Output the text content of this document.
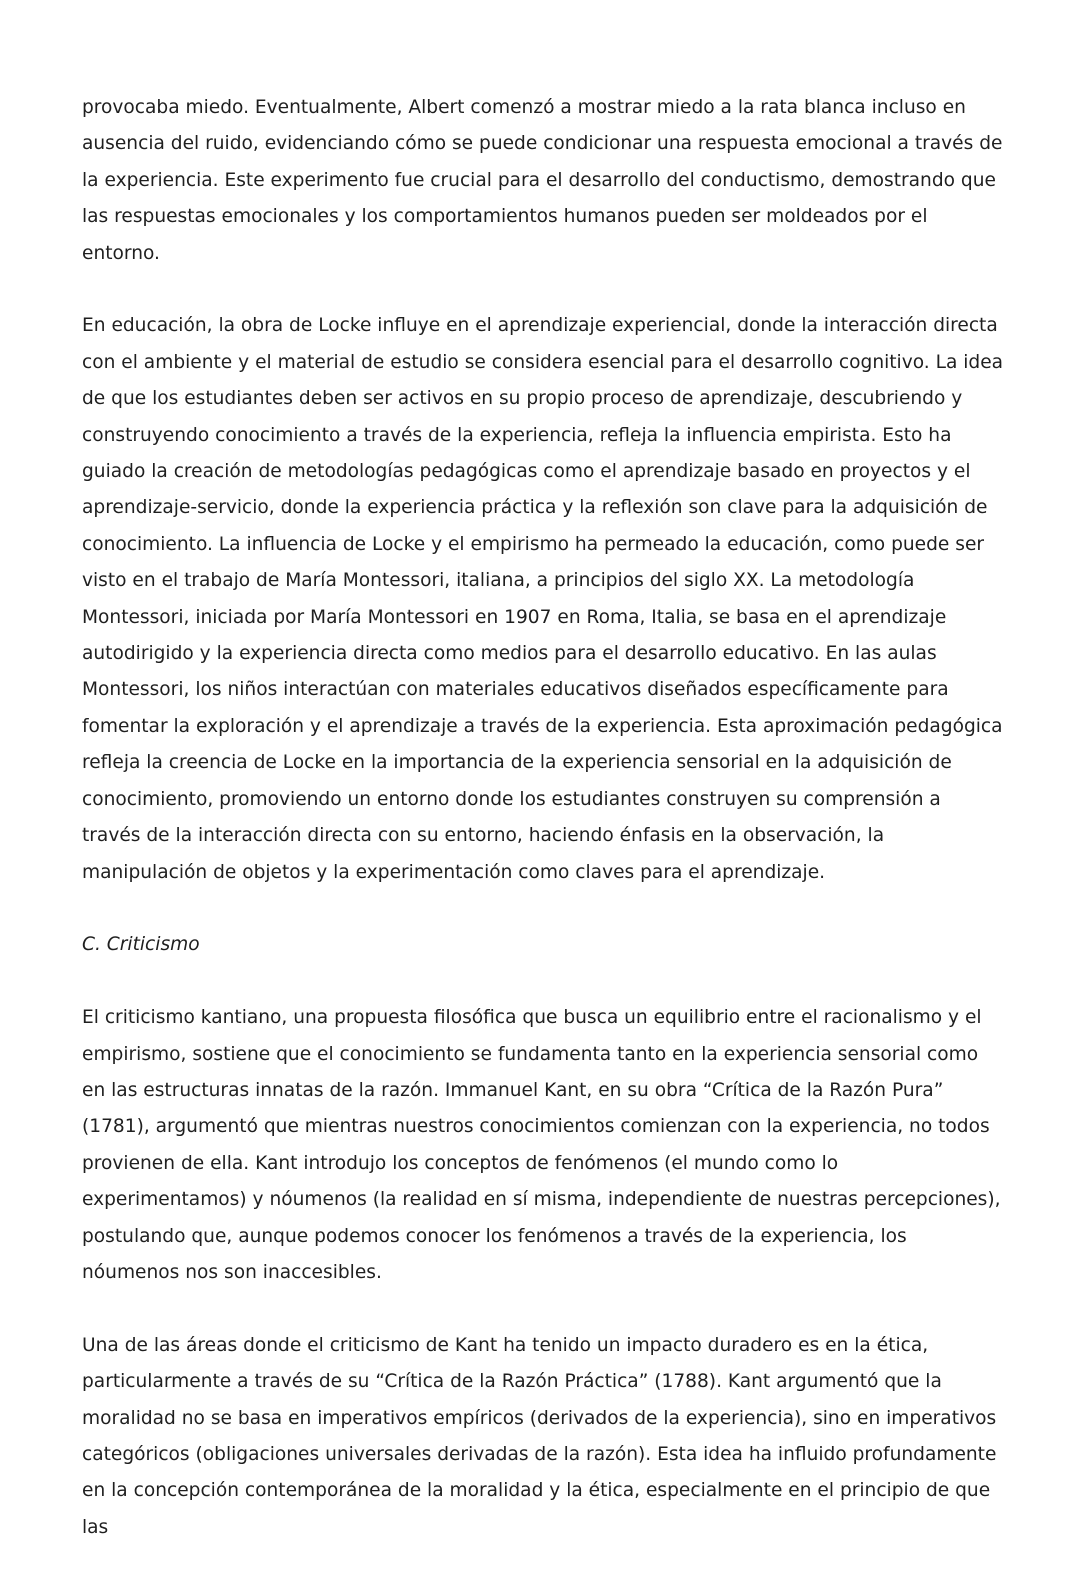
provocaba miedo. Eventualmente, Albert comenzó a mostrar miedo a la rata blanca incluso en ausencia del ruido, evidenciando cómo se puede condicionar una respuesta emocional a través de la experiencia. Este experimento fue crucial para el desarrollo del conductismo, demostrando que las respuestas emocionales y los comportamientos humanos pueden ser moldeados por el entorno.

En educación, la obra de Locke influye en el aprendizaje experiencial, donde la interacción directa con el ambiente y el material de estudio se considera esencial para el desarrollo cognitivo. La idea de que los estudiantes deben ser activos en su propio proceso de aprendizaje, descubriendo y construyendo conocimiento a través de la experiencia, refleja la influencia empirista. Esto ha guiado la creación de metodologías pedagógicas como el aprendizaje basado en proyectos y el aprendizaje-servicio, donde la experiencia práctica y la reflexión son clave para la adquisición de conocimiento. La influencia de Locke y el empirismo ha permeado la educación, como puede ser visto en el trabajo de María Montessori, italiana, a principios del siglo XX. La metodología Montessori, iniciada por María Montessori en 1907 en Roma, Italia, se basa en el aprendizaje autodirigido y la experiencia directa como medios para el desarrollo educativo. En las aulas Montessori, los niños interactúan con materiales educativos diseñados específicamente para fomentar la exploración y el aprendizaje a través de la experiencia. Esta aproximación pedagógica refleja la creencia de Locke en la importancia de la experiencia sensorial en la adquisición de conocimiento, promoviendo un entorno donde los estudiantes construyen su comprensión a través de la interacción directa con su entorno, haciendo énfasis en la observación, la manipulación de objetos y la experimentación como claves para el aprendizaje.

C. Criticismo

El criticismo kantiano, una propuesta filosófica que busca un equilibrio entre el racionalismo y el empirismo, sostiene que el conocimiento se fundamenta tanto en la experiencia sensorial como en las estructuras innatas de la razón. Immanuel Kant, en su obra “Crítica de la Razón Pura” (1781), argumentó que mientras nuestros conocimientos comienzan con la experiencia, no todos provienen de ella. Kant introdujo los conceptos de fenómenos (el mundo como lo experimentamos) y nóumenos (la realidad en sí misma, independiente de nuestras percepciones), postulando que, aunque podemos conocer los fenómenos a través de la experiencia, los nóumenos nos son inaccesibles.

Una de las áreas donde el criticismo de Kant ha tenido un impacto duradero es en la ética, particularmente a través de su “Crítica de la Razón Práctica” (1788). Kant argumentó que la moralidad no se basa en imperativos empíricos (derivados de la experiencia), sino en imperativos categóricos (obligaciones universales derivadas de la razón). Esta idea ha influido profundamente en la concepción contemporánea de la moralidad y la ética, especialmente en el principio de que las
